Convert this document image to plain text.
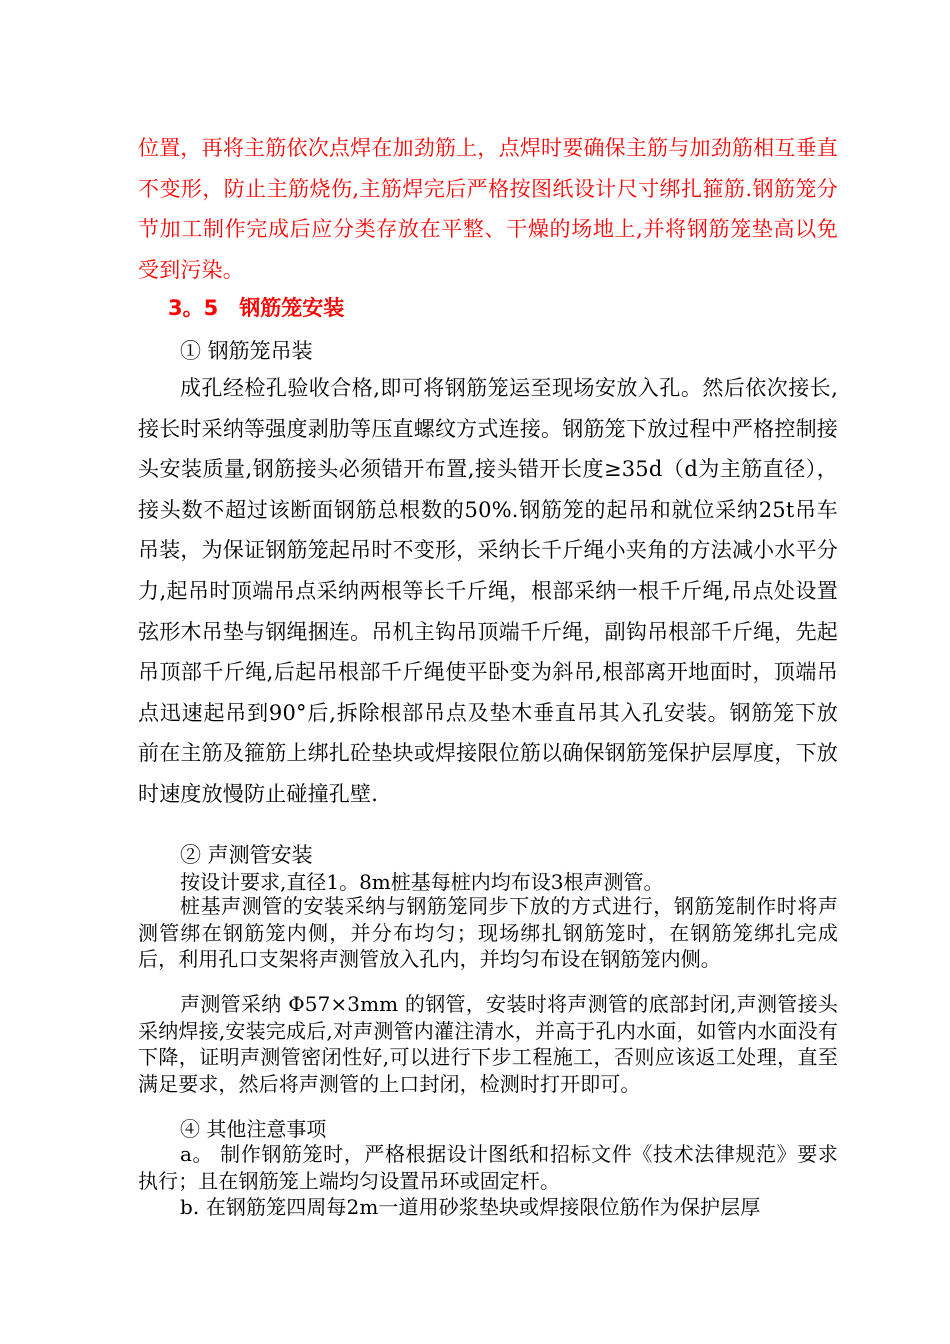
位置，再将主筋依次点焊在加劲筋上，点焊时要确保主筋与加劲筋相互垂直不变形，防止主筋烧伤,主筋焊完后严格按图纸设计尺寸绑扎箍筋.钢筋笼分节加工制作完成后应分类存放在平整、干燥的场地上,并将钢筋笼垫高以免受到污染。

3。5　钢筋笼安装

① 钢筋笼吊装

成孔经检孔验收合格,即可将钢筋笼运至现场安放入孔。然后依次接长,接长时采纳等强度剥肋等压直螺纹方式连接。钢筋笼下放过程中严格控制接头安装质量,钢筋接头必须错开布置,接头错开长度≥35d（d为主筋直径），接头数不超过该断面钢筋总根数的50%.钢筋笼的起吊和就位采纳25t吊车吊装，为保证钢筋笼起吊时不变形，采纳长千斤绳小夹角的方法减小水平分力,起吊时顶端吊点采纳两根等长千斤绳，根部采纳一根千斤绳,吊点处设置弦形木吊垫与钢绳捆连。吊机主钩吊顶端千斤绳，副钩吊根部千斤绳，先起吊顶部千斤绳,后起吊根部千斤绳使平卧变为斜吊,根部离开地面时，顶端吊点迅速起吊到90°后,拆除根部吊点及垫木垂直吊其入孔安装。钢筋笼下放前在主筋及箍筋上绑扎砼垫块或焊接限位筋以确保钢筋笼保护层厚度，下放时速度放慢防止碰撞孔壁.

② 声测管安装

按设计要求,直径1。8m桩基每桩内均布设3根声测管。

桩基声测管的安装采纳与钢筋笼同步下放的方式进行，钢筋笼制作时将声测管绑在钢筋笼内侧，并分布均匀；现场绑扎钢筋笼时，在钢筋笼绑扎完成后，利用孔口支架将声测管放入孔内，并均匀布设在钢筋笼内侧。

声测管采纳 Φ57×3mm 的钢管，安装时将声测管的底部封闭,声测管接头采纳焊接,安装完成后,对声测管内灌注清水，并高于孔内水面，如管内水面没有下降，证明声测管密闭性好,可以进行下步工程施工，否则应该返工处理，直至满足要求，然后将声测管的上口封闭，检测时打开即可。

④ 其他注意事项

a。 制作钢筋笼时，严格根据设计图纸和招标文件《技术法律规范》要求执行；且在钢筋笼上端均匀设置吊环或固定杆。

b. 在钢筋笼四周每2m一道用砂浆垫块或焊接限位筋作为保护层厚
